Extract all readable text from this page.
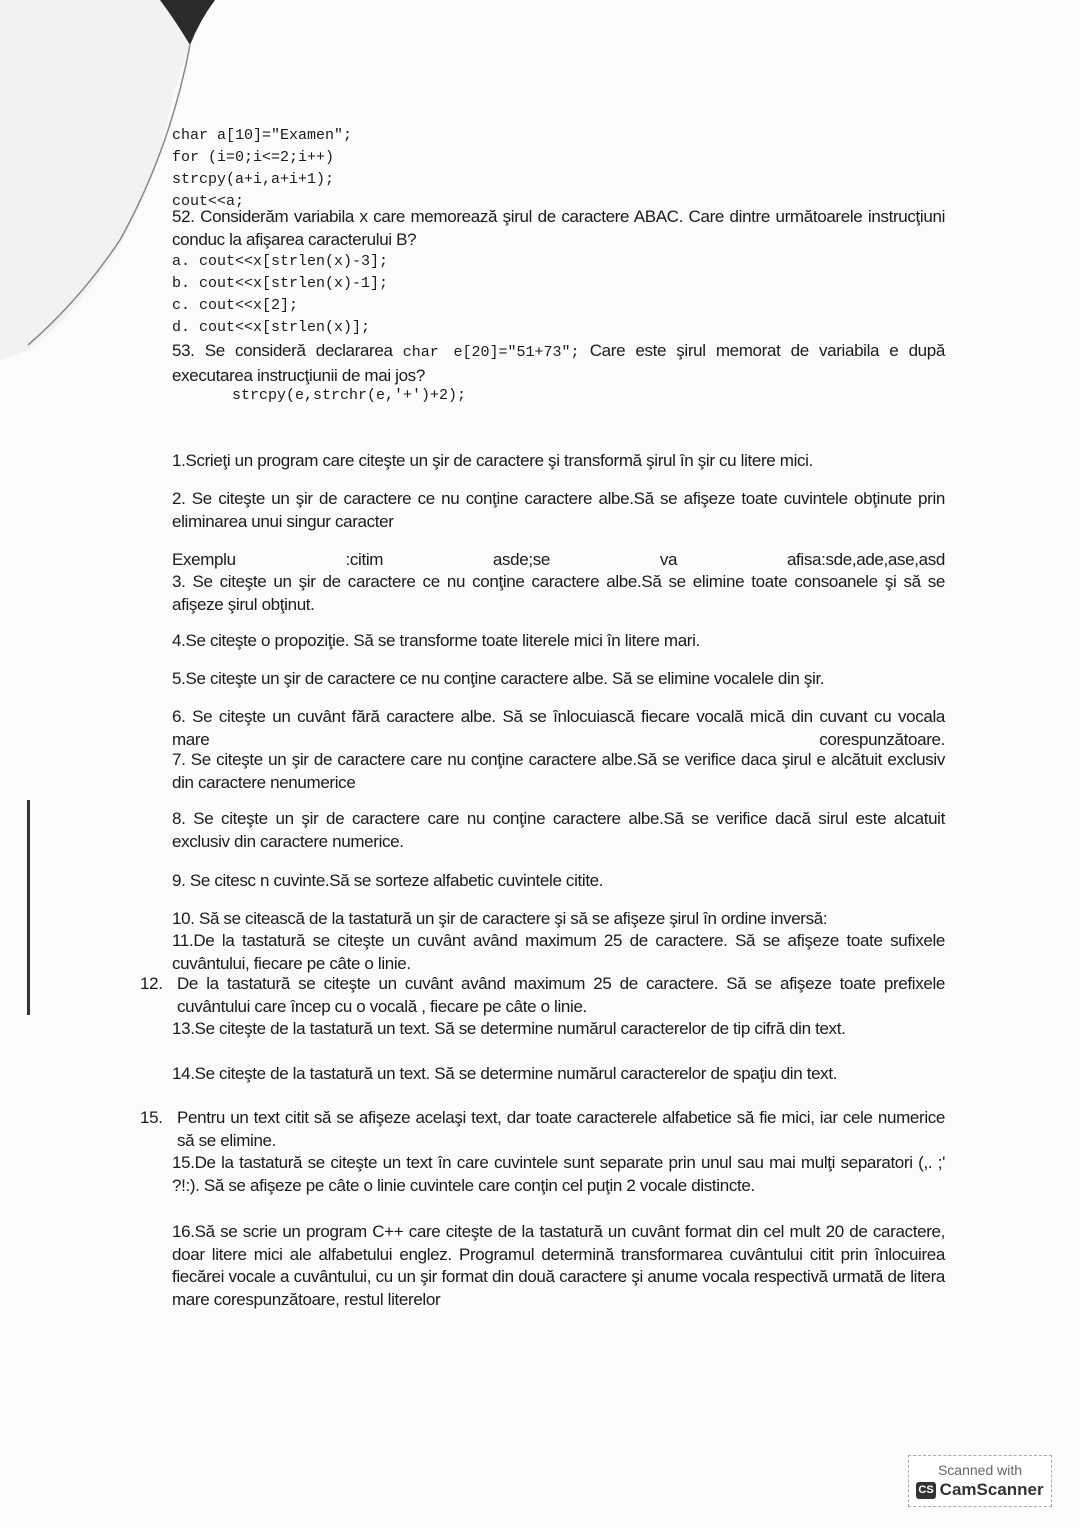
char a[10]="Examen";
for (i=0;i<=2;i++)
strcpy(a+i,a+i+1);
cout<<a;
52. Considerăm variabila x care memorează şirul de caractere ABAC. Care dintre următoarele instrucţiuni conduc la afişarea caracterului B?
a. cout<<x[strlen(x)-3];
b. cout<<x[strlen(x)-1];
c. cout<<x[2];
d. cout<<x[strlen(x)];
53. Se consideră declararea char e[20]="51+73"; Care este şirul memorat de variabila e după executarea instrucţiunii de mai jos?
strcpy(e,strchr(e,'+')+2);
1.Scrieţi un program care citeşte un şir de caractere şi transformă şirul în şir cu litere mici.
2. Se citeşte un şir de caractere ce nu conţine caractere albe.Să se afişeze toate cuvintele obţinute prin eliminarea unui singur caracter
Exemplu :citim asde;se va afisa:sde,ade,ase,asd
3. Se citeşte un şir de caractere ce nu conţine caractere albe.Să se elimine toate consoanele şi să se afişeze şirul obţinut.
4.Se citeşte o propoziţie. Să se transforme toate literele mici în litere mari.
5.Se citeşte un şir de caractere ce nu conţine caractere albe. Să se elimine vocalele din şir.
6. Se citeşte un cuvânt fără caractere albe. Să se înlocuiască fiecare vocală mică din cuvant cu vocala mare corespunzătoare.
7. Se citeşte un şir de caractere care nu conţine caractere albe.Să se verifice daca şirul e alcătuit exclusiv din caractere nenumerice
8. Se citeşte un şir de caractere care nu conţine caractere albe.Să se verifice dacă sirul este alcatuit exclusiv din caractere numerice.
9. Se citesc n cuvinte.Să se sorteze alfabetic cuvintele citite.
10. Să se citească de la tastatură un şir de caractere şi să se afişeze şirul în ordine inversă:
11.De la tastatură se citeşte un cuvânt având maximum 25 de caractere. Să se afişeze toate sufixele cuvântului, fiecare pe câte o linie.
12. De la tastatură se citeşte un cuvânt având maximum 25 de caractere. Să se afişeze toate prefixele cuvântului care încep cu o vocală , fiecare pe câte o linie.
13.Se citeşte de la tastatură un text. Să se determine numărul caracterelor de tip cifră din text.
14.Se citeşte de la tastatură un text. Să se determine numărul caracterelor de spaţiu din text.
15. Pentru un text citit să se afişeze acelaşi text, dar toate caracterele alfabetice să fie mici, iar cele numerice să se elimine.
15.De la tastatură se citeşte un text în care cuvintele sunt separate prin unul sau mai mulţi separatori (,. ;' ?!:). Să se afişeze pe câte o linie cuvintele care conţin cel puţin 2 vocale distincte.
16.Să se scrie un program C++ care citeşte de la tastatură un cuvânt format din cel mult 20 de caractere, doar litere mici ale alfabetului englez. Programul determină transformarea cuvântului citit prin înlocuirea fiecărei vocale a cuvântului, cu un şir format din două caractere şi anume vocala respectivă urmată de litera mare corespunzătoare, restul literelor
Scanned with
CS CamScanner
